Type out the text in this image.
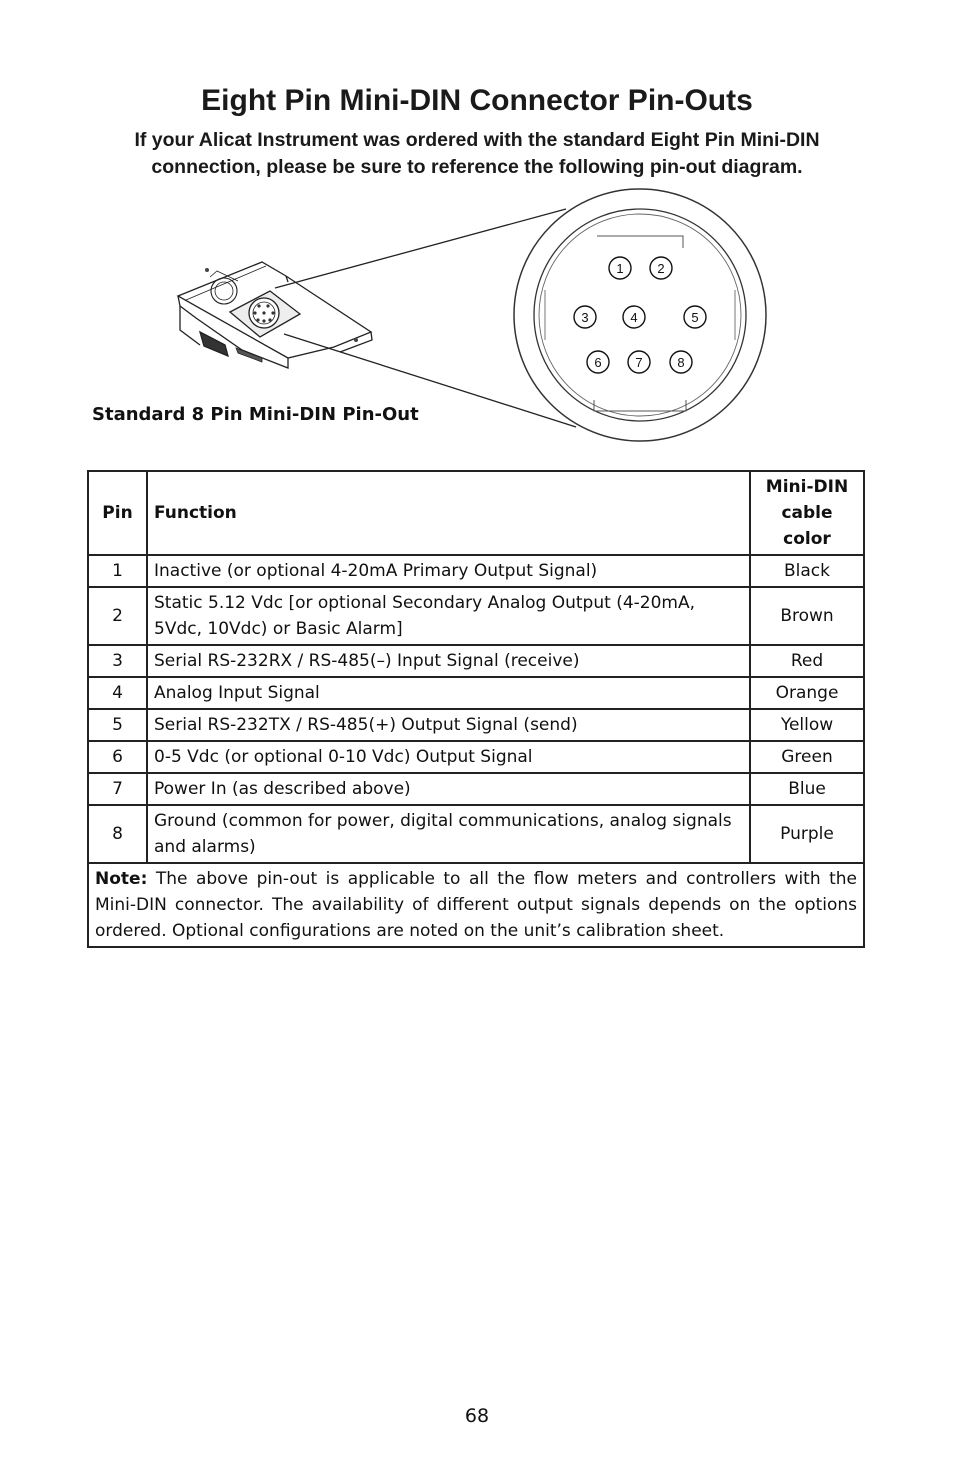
Eight Pin Mini-DIN Connector Pin-Outs
If your Alicat Instrument was ordered with the standard Eight Pin Mini-DIN
connection, please be sure to reference the following pin-out diagram.
1	2
3	4	5
6	7	8
Standard 8 Pin Mini-DIN Pin-Out
Pin	Function	Mini-DIN
cable color

1	Inactive (or optional 4-20mA Primary Output Signal)	Black
2	Static 5.12 Vdc [or optional Secondary Analog Output (4-20mA, 5Vdc, 10Vdc) or Basic Alarm]	Brown
3	Serial RS-232RX / RS-485(–) Input Signal (receive)	Red
4	Analog Input Signal	Orange
5	Serial RS-232TX / RS-485(+) Output Signal (send)	Yellow
6	0-5 Vdc (or optional 0-10 Vdc) Output Signal	Green
7	Power In (as described above)	Blue
8	Ground (common for power, digital communications, analog signals and alarms)	Purple
Note: The above pin-out is applicable to all the flow meters and controllers with the Mini-DIN connector. The availability of different output signals depends on the options ordered. Optional configurations are noted on the unit’s calibration sheet.		
68
